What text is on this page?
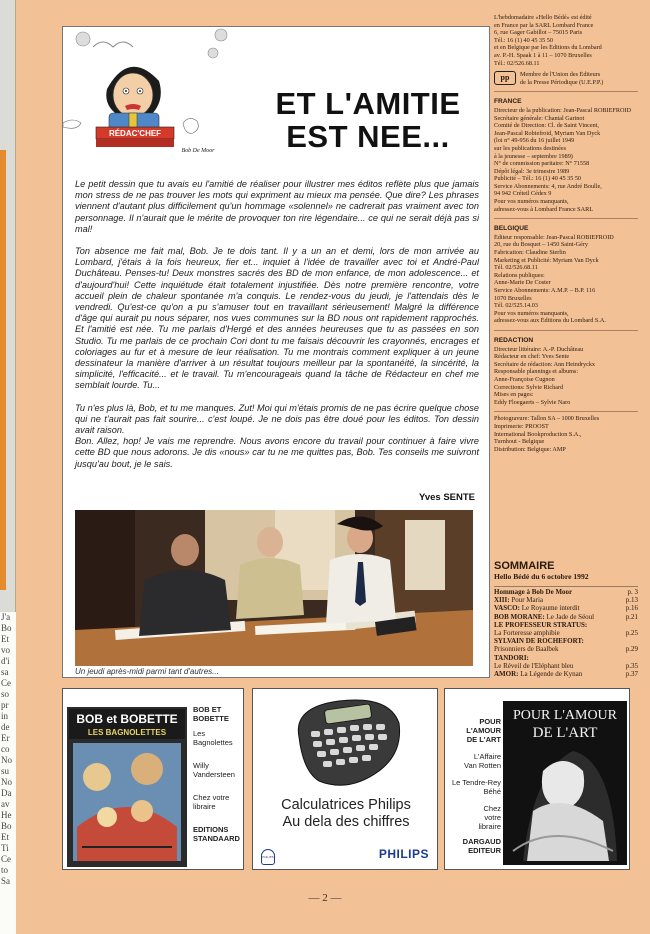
J'a Bo Et vo d'i sa Ce so pr in de Er co No su No Da av He Bo Et Ti Ce to Sa
RÉDAC'CHEF
Bob De Moor
ET L'AMITIE
EST NEE...

Le petit dessin que tu avais eu l'amitié de réaliser pour illustrer mes éditos reflète plus que jamais mon stress de ne pas trouver les mots qui expriment au mieux ma pensée. Que dire? Les phrases viennent d'autant plus difficilement qu'un hommage «solennel» ne cadrerait pas vraiment avec ton personnage. Il n'aurait que le mérite de provoquer ton rire légendaire... ce qui ne serait déjà pas si mal!

Ton absence me fait mal, Bob. Je te dois tant. Il y a un an et demi, lors de mon arrivée au Lombard, j'étais à la fois heureux, fier et... inquiet à l'idée de travailler avec toi et André-Paul Duchâteau. Penses-tu! Deux monstres sacrés des BD de mon enfance, de mon adolescence... et d'aujourd'hui! Cette inquiétude était totalement injustifiée. Dès notre première rencontre, votre accueil plein de chaleur spontanée m'a conquis. Le rendez-vous du jeudi, je l'attendais dès le vendredi. Qu'est-ce qu'on a pu s'amuser tout en travaillant sérieusement! Malgré la différence d'âge qui aurait pu nous séparer, nos vues communes sur la BD nous ont rapidement rapprochés. Et l'amitié est née. Tu me parlais d'Hergé et des années heureuses que tu as passées en son Studio. Tu me parlais de ce prochain Cori dont tu me faisais découvrir les crayonnés, encrages et coloriages au fur et à mesure de leur réalisation. Tu me montrais comment expliquer à un jeune dessinateur la manière d'arriver à un résultat toujours meilleur par la spontanéité, la sincérité, la simplicité, l'efficacité... et le travail. Tu m'encourageais quand la tâche de Rédacteur en chef me semblait lourde. Tu...

Tu n'es plus là, Bob, et tu me manques. Zut! Moi qui m'étais promis de ne pas écrire quelque chose qui ne t'aurait pas fait sourire... c'est loupé. Je ne dois pas être doué pour les éditos. Ton dessin avait raison.

Bon. Allez, hop! Je vais me reprendre. Nous avons encore du travail pour continuer à faire vivre cette BD que nous adorons. Je dis «nous» car tu ne me quittes pas, Bob. Tes conseils me suivront jusqu'au bout, je le sais.

Yves SENTE
Un jeudi après-midi parmi tant d'autres...
L'hebdomadaire «Hello Bédé» est édité
en France par la SARL Lombard France
6, rue Gager Gabillot – 75015 Paris
Tél.: 16 (1) 40 45 35 50
et en Belgique par les Éditions du Lombard
av. P.-H. Spaak 1 à 11 – 1070 Bruxelles
Tél.: 02/526.68.11
pp	Membre de l'Union des Éditeurs
de la Presse Périodique (U.E.P.P.)
FRANCE
Directeur de la publication: Jean-Pascal ROBIEFROID
Secrétaire générale: Chantal Garinot
Comité de Direction: Cl. de Saint Vincent,
Jean-Pascal Robiefroid, Myriam Van Dyck
(loi n° 49-956 du 16 juillet 1949
sur les publications destinées
à la jeunesse – septembre 1989)
N° de commission paritaire: N° 71558
Dépôt légal: 3e trimestre 1989
Publicité – Tél.: 16 (1) 40 45 35 50
Service Abonnements: 4, rue André Boulle,
94 942 Créteil Cédex 9
Pour vos numéros manquants,
adressez-vous à Lombard France SARL
BELGIQUE
Éditeur responsable: Jean-Pascal ROBIEFROID
20, rue du Bosquet – 1450 Saint-Géry
Fabrication: Claudine Sterlin
Marketing et Publicité: Myriam Van Dyck
Tél. 02/526.68.11
Relations publiques:
Anne-Marie De Coster
Service Abonnements: A.M.P. – B.P. 116
1070 Bruxelles
Tél. 02/525.14.03
Pour vos numéros manquants,
adressez-vous aux Éditions du Lombard S.A.
REDACTION
Directeur littéraire: A.-P. Duchâteau
Rédacteur en chef: Yves Sente
Secrétaire de rédaction: Ann Heindryckx
Responsable plannings et albums:
Anne-Françoise Cugnon
Corrections: Sylvie Richard
Mises en pages:
Eddy Floegaerts – Sylvie Naro
Photogravure: Tallon SA – 1000 Bruxelles
Imprimerie: PROOST
International Bookproduction S.A.,
Turnhout - Belgique
Distribution: Belgique: AMP
SOMMAIRE
Hello Bédé du 6 octobre 1992
Hommage à Bob De Moor	p. 3
XIII: Pour Maria	p.13
VASCO: Le Royaume interdit	p.16
BOB MORANE: Le Jade de Séoul	p.21
LE PROFESSEUR STRATUS:
La Forteresse amphibie	p.25
SYLVAIN DE ROCHEFORT:
Prisonniers de Baalbek	p.29
TANDORI:
Le Réveil de l'Eléphant bleu	p.35
AMOR: La Légende de Kynan	p.37
BOB et BOBETTE
LES BAGNOLETTES
BOB ET BOBETTE
Les Bagnolettes
Willy Vandersteen
Chez votre libraire
EDITIONS STANDAARD
Calculatrices Philips
Au dela des chiffres
PHILIPS	PHILIPS
POUR
L'AMOUR
DE L'ART
L'Affaire
Van Rotten
Le Tendre-Rey
Béhé
Chez
votre
libraire
DARGAUD
EDITEUR
POUR L'AMOUR
DE L'ART
— 2 —
